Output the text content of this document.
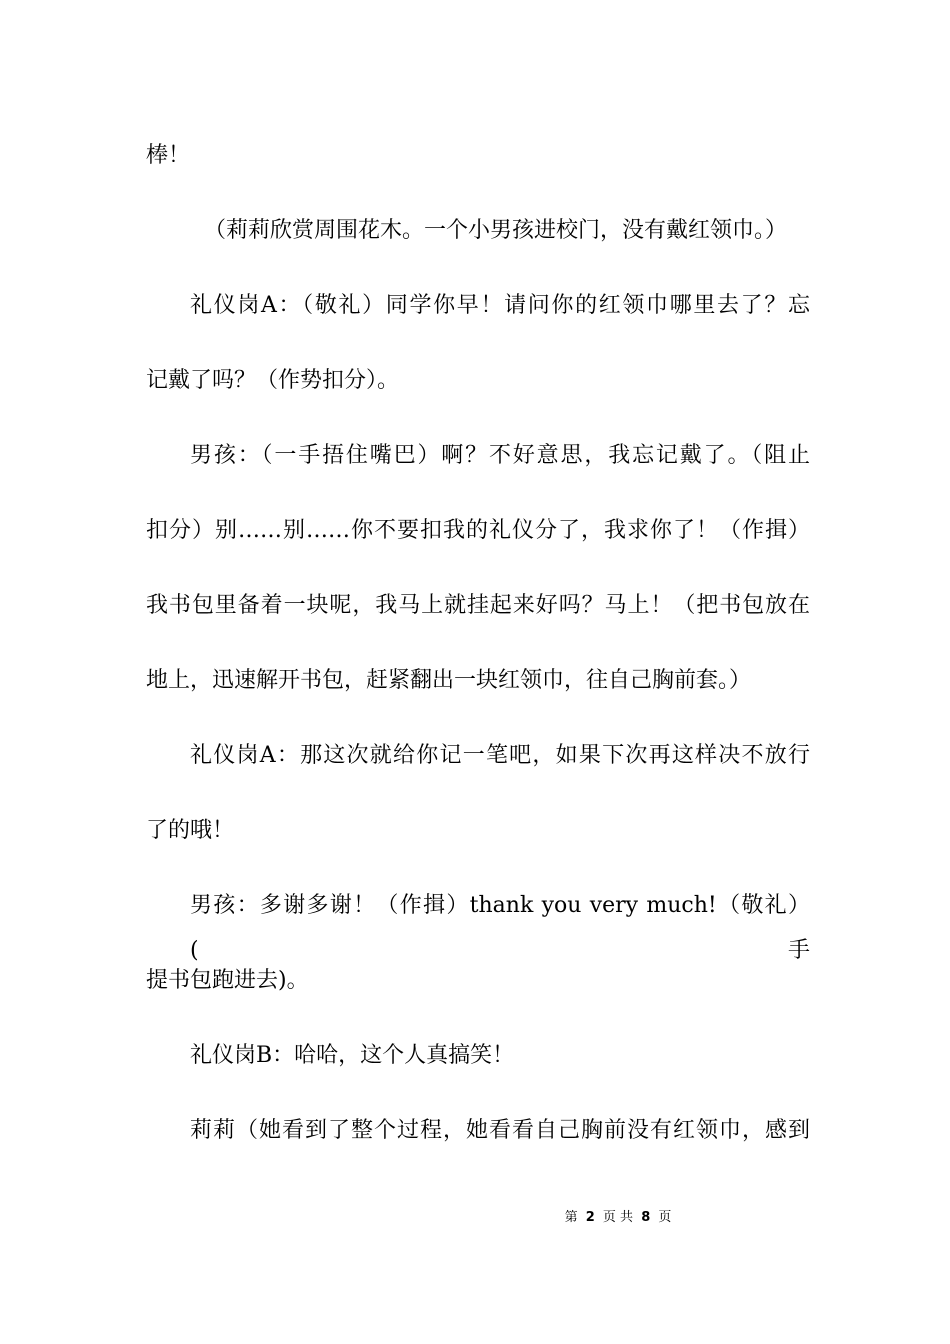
棒！
（莉莉欣赏周围花木。一个小男孩进校门，没有戴红领巾。）
礼仪岗A：（敬礼）同学你早！请问你的红领巾哪里去了？忘
记戴了吗？（作势扣分）。
男孩：（一手捂住嘴巴）啊？不好意思，我忘记戴了。（阻止
扣分）别……别……你不要扣我的礼仪分了，我求你了！（作揖）
我书包里备着一块呢，我马上就挂起来好吗？马上！（把书包放在
地上，迅速解开书包，赶紧翻出一块红领巾，往自己胸前套。）
礼仪岗A：那这次就给你记一笔吧，如果下次再这样决不放行
了的哦！
男孩：多谢多谢！（作揖）thank you very much!（敬礼）(手
提书包跑进去)。
礼仪岗B：哈哈，这个人真搞笑！
莉莉（她看到了整个过程，她看看自己胸前没有红领巾，感到
第 2 页 共 8 页
